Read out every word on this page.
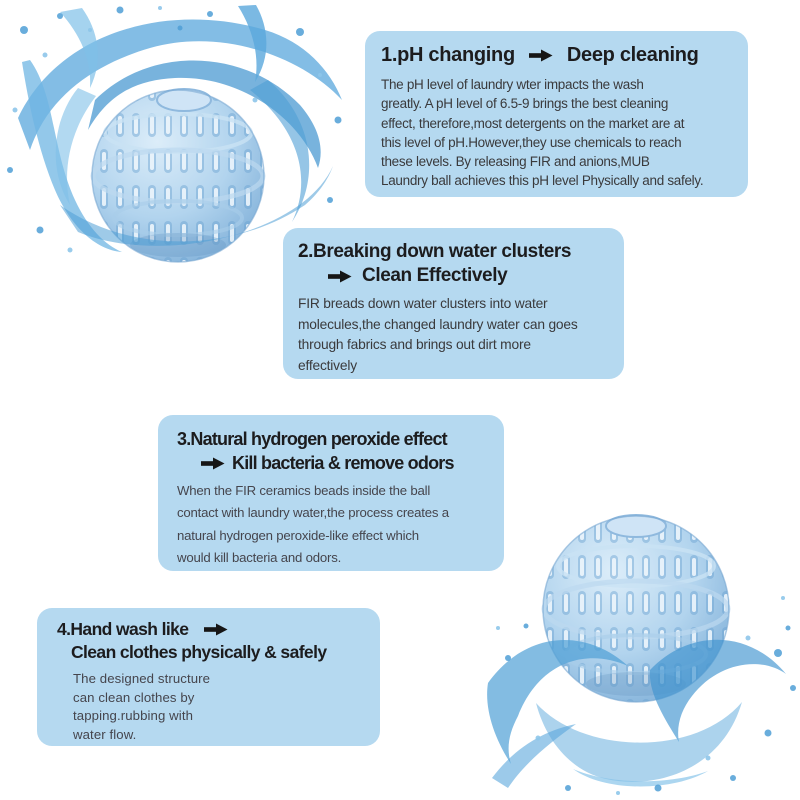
1.pH changing	Deep cleaning
The pH level of laundry wter impacts the wash
greatly. A pH level of 6.5-9 brings the best cleaning
effect, therefore,most detergents on the market are at
this level of pH.However,they use chemicals to reach
these levels. By releasing FIR and anions,MUB
Laundry ball achieves this pH level Physically and safely.
2.Breaking down water clusters
Clean Effectively
FIR breads down water clusters into water
molecules,the changed laundry water can goes
through fabrics and brings out dirt more
effectively
3.Natural hydrogen peroxide effect
Kill bacteria & remove odors
When the FIR ceramics beads inside the ball
contact with laundry water,the process creates a
natural hydrogen peroxide-like effect which
would kill bacteria and odors.
4.Hand wash like
Clean clothes physically & safely
The designed structure
can clean clothes by
tapping.rubbing with
water flow.
